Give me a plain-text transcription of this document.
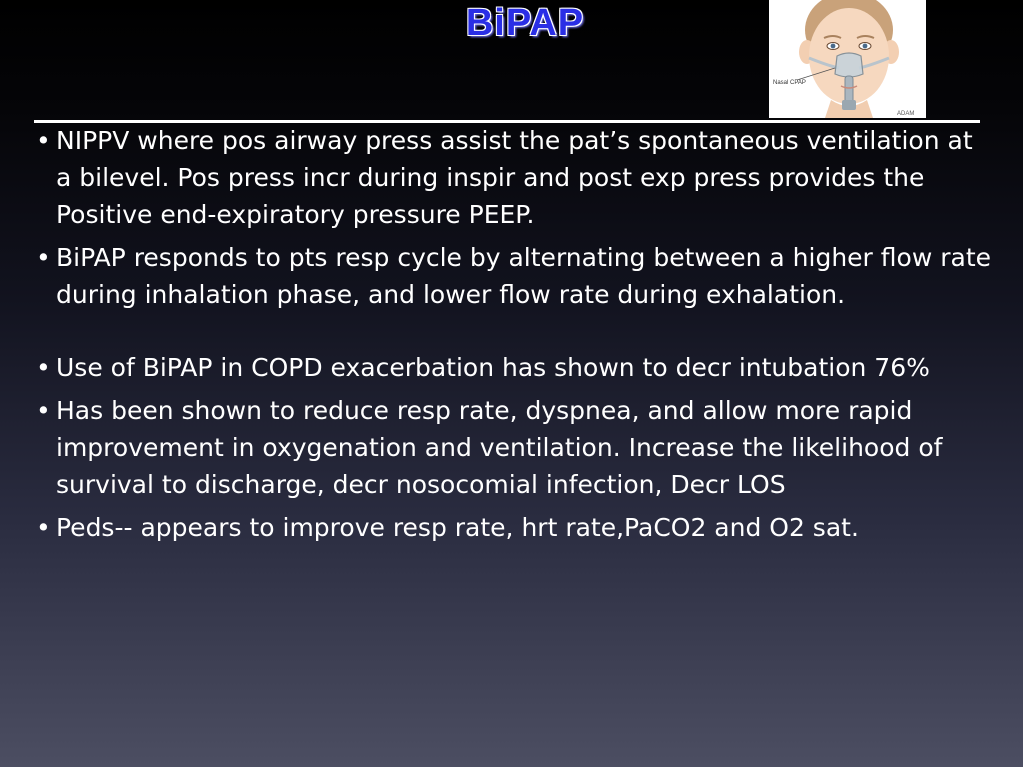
BiPAP
Nasal CPAP
ADAM
• NIPPV where pos airway press assist the pat’s spontaneous ventilation at a bilevel. Pos press incr during inspir and post exp press provides the Positive end-expiratory pressure PEEP.
• BiPAP responds to pts resp cycle by alternating between a higher flow rate during inhalation phase, and lower flow rate during exhalation.
• Use of BiPAP in COPD exacerbation has shown to decr intubation 76%
• Has been shown to reduce resp rate, dyspnea, and allow more rapid improvement in oxygenation and ventilation. Increase the likelihood of survival to discharge, decr nosocomial infection, Decr LOS
• Peds-- appears to improve resp rate, hrt rate,PaCO2 and O2 sat.
